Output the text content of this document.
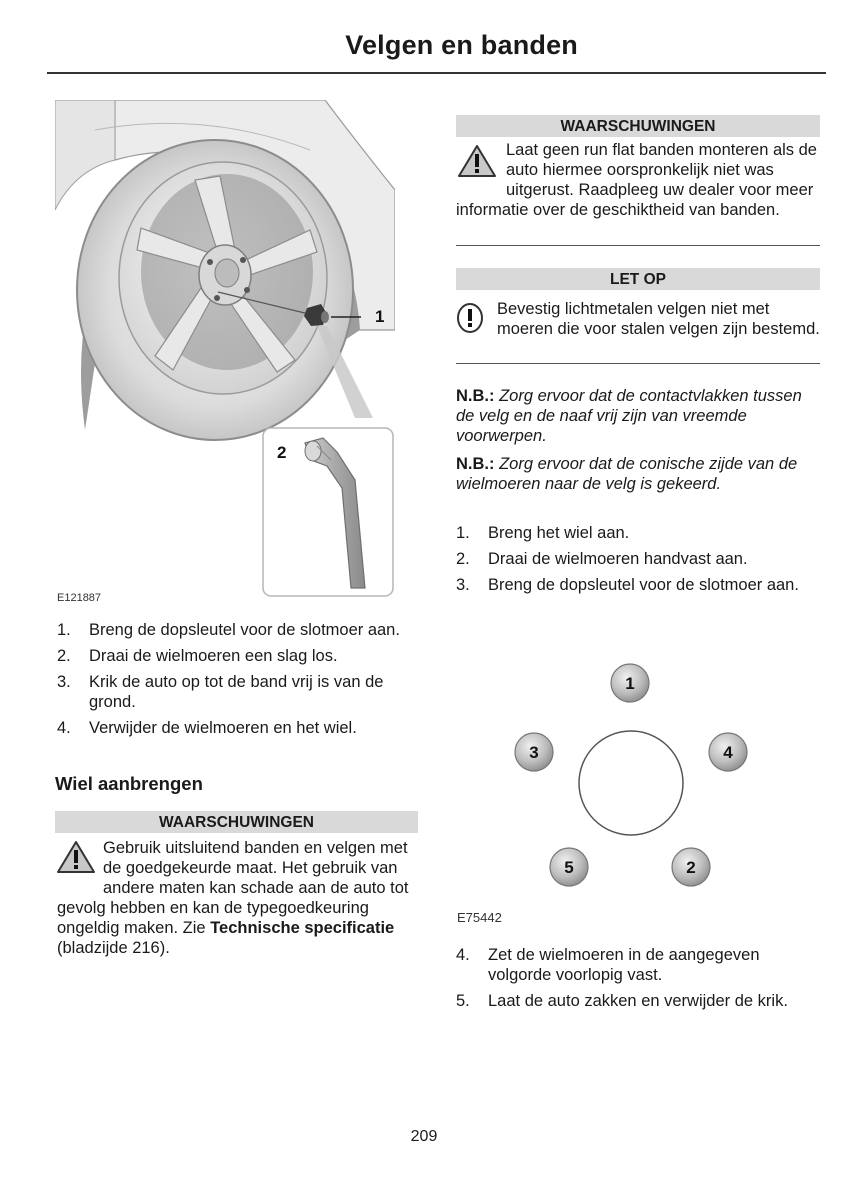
Velgen en banden
1
2
E121887
1. Breng de dopsleutel voor de slotmoer aan.
2. Draai de wielmoeren een slag los.
3. Krik de auto op tot de band vrij is van de grond.
4. Verwijder de wielmoeren en het wiel.
Wiel aanbrengen
WAARSCHUWINGEN
Gebruik uitsluitend banden en velgen met de goedgekeurde maat. Het gebruik van andere maten kan schade aan de auto tot gevolg hebben en kan de typegoedkeuring ongeldig maken. Zie Technische specificatie (bladzijde 216).
WAARSCHUWINGEN
Laat geen run flat banden monteren als de auto hiermee oorspronkelijk niet was uitgerust. Raadpleeg uw dealer voor meer informatie over de geschiktheid van banden.
LET OP
Bevestig lichtmetalen velgen niet met moeren die voor stalen velgen zijn bestemd.
N.B.: Zorg ervoor dat de contactvlakken tussen de velg en de naaf vrij zijn van vreemde voorwerpen.
N.B.: Zorg ervoor dat de conische zijde van de wielmoeren naar de velg is gekeerd.
1. Breng het wiel aan.
2. Draai de wielmoeren handvast aan.
3. Breng de dopsleutel voor de slotmoer aan.
1
4
2
5
3
E75442
4. Zet de wielmoeren in de aangegeven volgorde voorlopig vast.
5. Laat de auto zakken en verwijder de krik.
209
